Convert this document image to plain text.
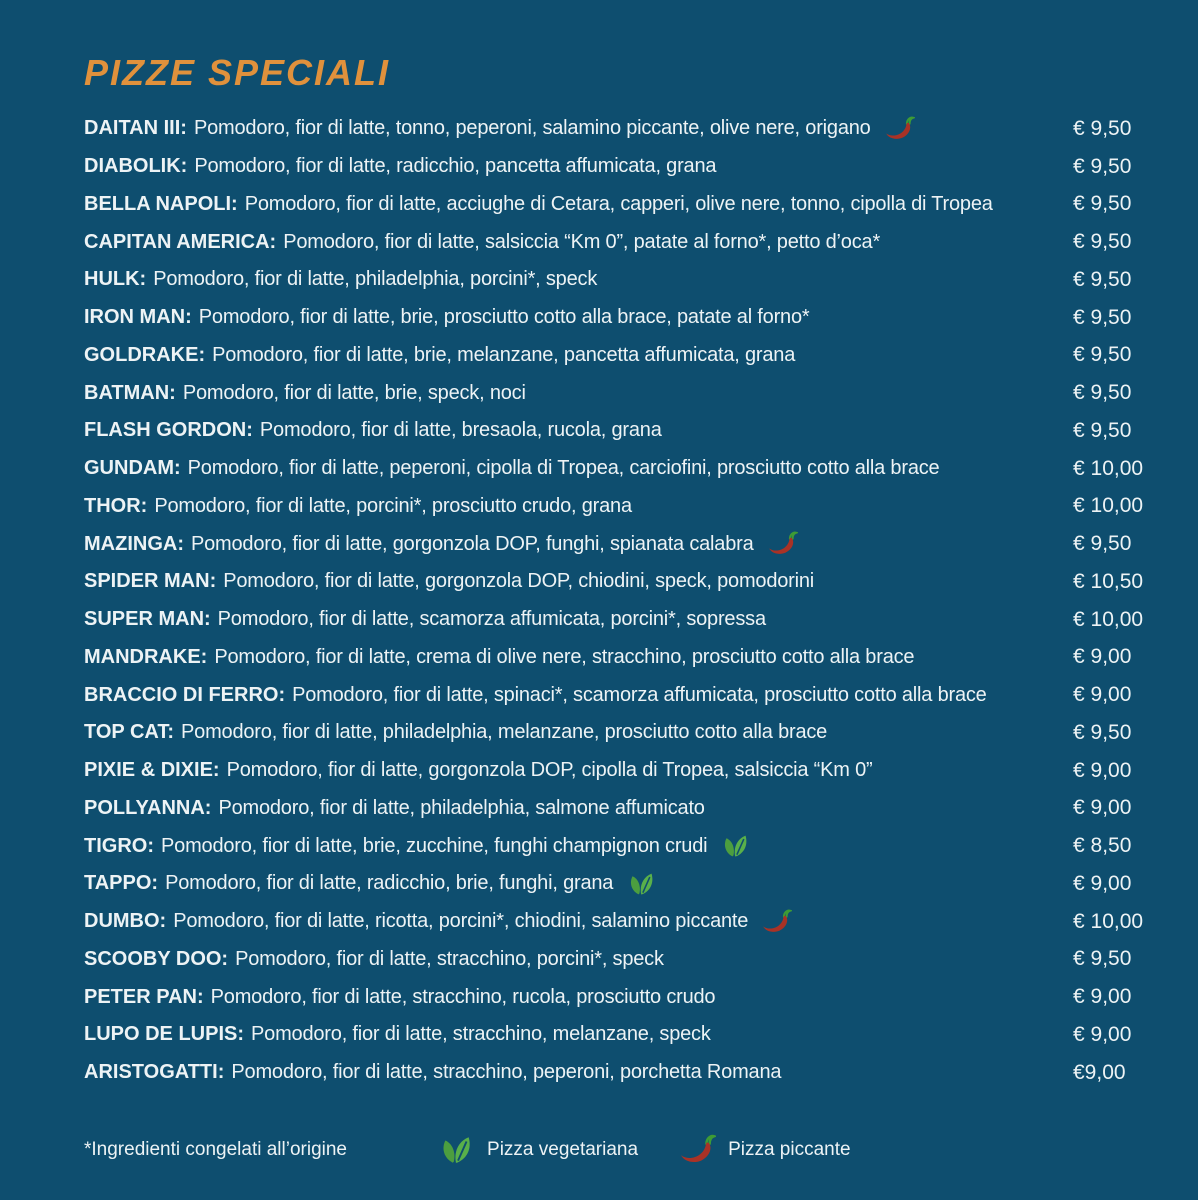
PIZZE SPECIALI
DAITAN III: Pomodoro, fior di latte, tonno, peperoni, salamino piccante, olive nere, origano	€ 9,50
DIABOLIK: Pomodoro, fior di latte, radicchio, pancetta affumicata, grana	€ 9,50
BELLA NAPOLI: Pomodoro, fior di latte, acciughe di Cetara, capperi, olive nere, tonno, cipolla di Tropea	€ 9,50
CAPITAN AMERICA: Pomodoro, fior di latte, salsiccia “Km 0”, patate al forno*, petto d’oca*	€ 9,50
HULK: Pomodoro, fior di latte, philadelphia, porcini*, speck	€ 9,50
IRON MAN: Pomodoro, fior di latte, brie, prosciutto cotto alla brace, patate al forno*	€ 9,50
GOLDRAKE: Pomodoro, fior di latte, brie, melanzane, pancetta affumicata, grana	€ 9,50
BATMAN: Pomodoro, fior di latte, brie, speck, noci	€ 9,50
FLASH GORDON: Pomodoro, fior di latte, bresaola, rucola, grana	€ 9,50
GUNDAM: Pomodoro, fior di latte, peperoni, cipolla di Tropea, carciofini, prosciutto cotto alla brace	€ 10,00
THOR: Pomodoro, fior di latte, porcini*, prosciutto crudo, grana	€ 10,00
MAZINGA: Pomodoro, fior di latte, gorgonzola DOP, funghi, spianata calabra	€ 9,50
SPIDER MAN: Pomodoro, fior di latte, gorgonzola DOP, chiodini, speck, pomodorini	€ 10,50
SUPER MAN: Pomodoro, fior di latte, scamorza affumicata, porcini*, sopressa	€ 10,00
MANDRAKE: Pomodoro, fior di latte, crema di olive nere, stracchino, prosciutto cotto alla brace	€ 9,00
BRACCIO DI FERRO: Pomodoro, fior di latte, spinaci*, scamorza affumicata, prosciutto cotto alla brace	€ 9,00
TOP CAT: Pomodoro, fior di latte, philadelphia, melanzane, prosciutto cotto alla brace	€ 9,50
PIXIE & DIXIE: Pomodoro, fior di latte, gorgonzola DOP, cipolla di Tropea, salsiccia “Km 0”	€ 9,00
POLLYANNA: Pomodoro, fior di latte, philadelphia, salmone affumicato	€ 9,00
TIGRO: Pomodoro, fior di latte, brie, zucchine, funghi champignon crudi	€ 8,50
TAPPO: Pomodoro, fior di latte, radicchio, brie, funghi, grana	€ 9,00
DUMBO: Pomodoro, fior di latte, ricotta, porcini*, chiodini, salamino piccante	€ 10,00
SCOOBY DOO: Pomodoro, fior di latte, stracchino, porcini*, speck	€ 9,50
PETER PAN: Pomodoro, fior di latte, stracchino, rucola, prosciutto crudo	€ 9,00
LUPO DE LUPIS: Pomodoro, fior di latte, stracchino, melanzane, speck	€ 9,00
ARISTOGATTI: Pomodoro, fior di latte, stracchino, peperoni, porchetta Romana	€9,00
*Ingredienti congelati all’origine	Pizza vegetariana	Pizza piccante
